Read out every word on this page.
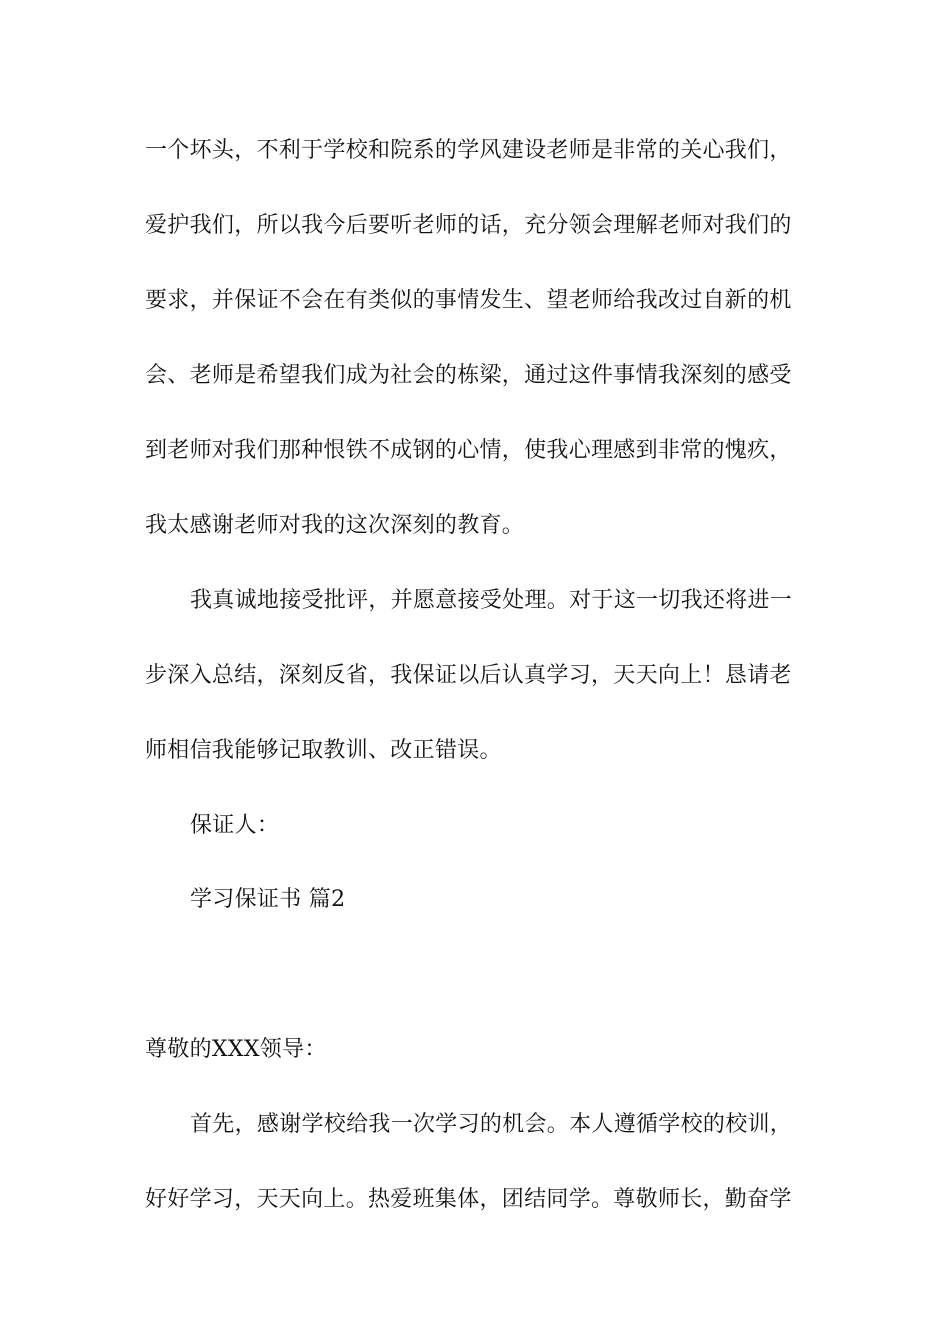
一个坏头，不利于学校和院系的学风建设老师是非常的关心我们，
爱护我们，所以我今后要听老师的话，充分领会理解老师对我们的
要求，并保证不会在有类似的事情发生、望老师给我改过自新的机
会、老师是希望我们成为社会的栋梁，通过这件事情我深刻的感受
到老师对我们那种恨铁不成钢的心情，使我心理感到非常的愧疚，
我太感谢老师对我的这次深刻的教育。
我真诚地接受批评，并愿意接受处理。对于这一切我还将进一
步深入总结，深刻反省，我保证以后认真学习，天天向上！恳请老
师相信我能够记取教训、改正错误。
保证人：
学习保证书 篇2
尊敬的XXX领导：
首先，感谢学校给我一次学习的机会。本人遵循学校的校训，
好好学习，天天向上。热爱班集体，团结同学。尊敬师长，勤奋学
